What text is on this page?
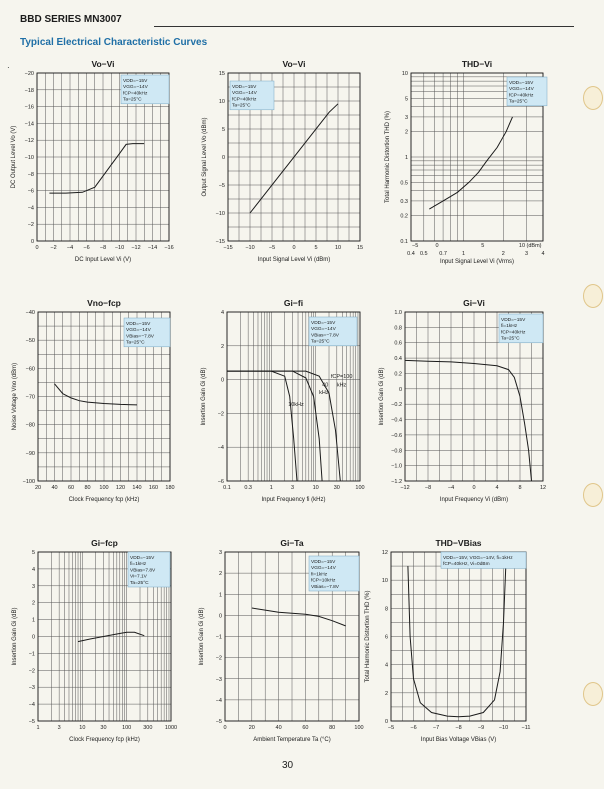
BBD SERIES MN3007
Typical Electrical Characteristic Curves
·
30
Vo−Vi
0 −2 −4 −6 −8 −10 −12 −14 −16
DC Input Level Vi (V)
0
−2
−4
−6
−8
−10
−12
−14
−16
−18
−20
DC Output Level Vo (V)
VDD=−15V
VGG=−14V
fCP=40kHz
Ta=25°C
Vo−Vi
−15 −10	−5	0	5	10	15
Input Signal Level Vi (dBm)
−15
−10
−5
0
5
10
15
Output Signal Level Vo (dBm)
VDD=−15V
VGG=−14V
fCP=40kHz
Ta=25°C
THD−Vi
0.4 0.5 0.7	1	2	3 4
−5	0	5	10 (dBm)
Input Signal Level Vi (Vrms)
0.1
0.2
0.3
0.5
1
2
3
5
10
Total Harmonic Distortion THD (%)
VDD=−15V
VGG=−14V
fCP=40kHz
Ta=25°C
Vno−fcp
20 40 60 80 100 120 140 160 180
Clock Frequency fcp (kHz)
−40
−50
−60
−70
−80
−90
−100
Noise Voltage Vno (dBm)
VDD=−15V
VGG=−14V
VBias=−7.8V
Ta=25°C
Gi−fi
0.1 0.3	1	3	10	30	100
Input Frequency fi (kHz)
−6
−4
−2
0
2
4
Insertion Gain Gi (dB)	fCP=100
kHz
40
kHz
10kHz
VDD=−15V
VGG=−14V
VBias=−7.8V
Ta=25°C
Gi−Vi
−12	−8	−4	0	4	8	12
Input Frequency Vi (dBm)
−1.2
−1.0
−0.8
−0.6
−0.4
−0.2
0
0.2
0.4
0.6
0.8
1.0
Insertion Gain Gi (dB)
VDD=−15V
fi=1kHz
fCP=40kHz
Ta=25°C
Gi−fcp
1	3	10	30	100 300 1000
Clock Frequency fcp (kHz)
−5
−4
−3
−2
−1
0
1
2
3
4
5
Insertion Gain Gi (dB)
VDD=−15V
fi=1kHz
VBias=7.8V
Vi=7.1V
Ta=25°C
Gi−Ta
0	20	40	60	80	100
Ambient Temperature Ta (°C)
−5
−4
−3
−2
−1
0
1
2
3
Insertion Gain Gi (dB)
VDD=−15V
VGG=−14V
fi=1kHz
fCP=10kHz
VBias=−7.8V
THD−VBias
−5	−6	−7	−8	−9	−10 −11
Input Bias Voltage VBias (V)
0
2
4
6
8
10
12
Total Harmonic Distortion THD (%)
VDD=−15V, VGG=−14V, fi=1kHz
fCP=40kHz, Vi=0dBm
